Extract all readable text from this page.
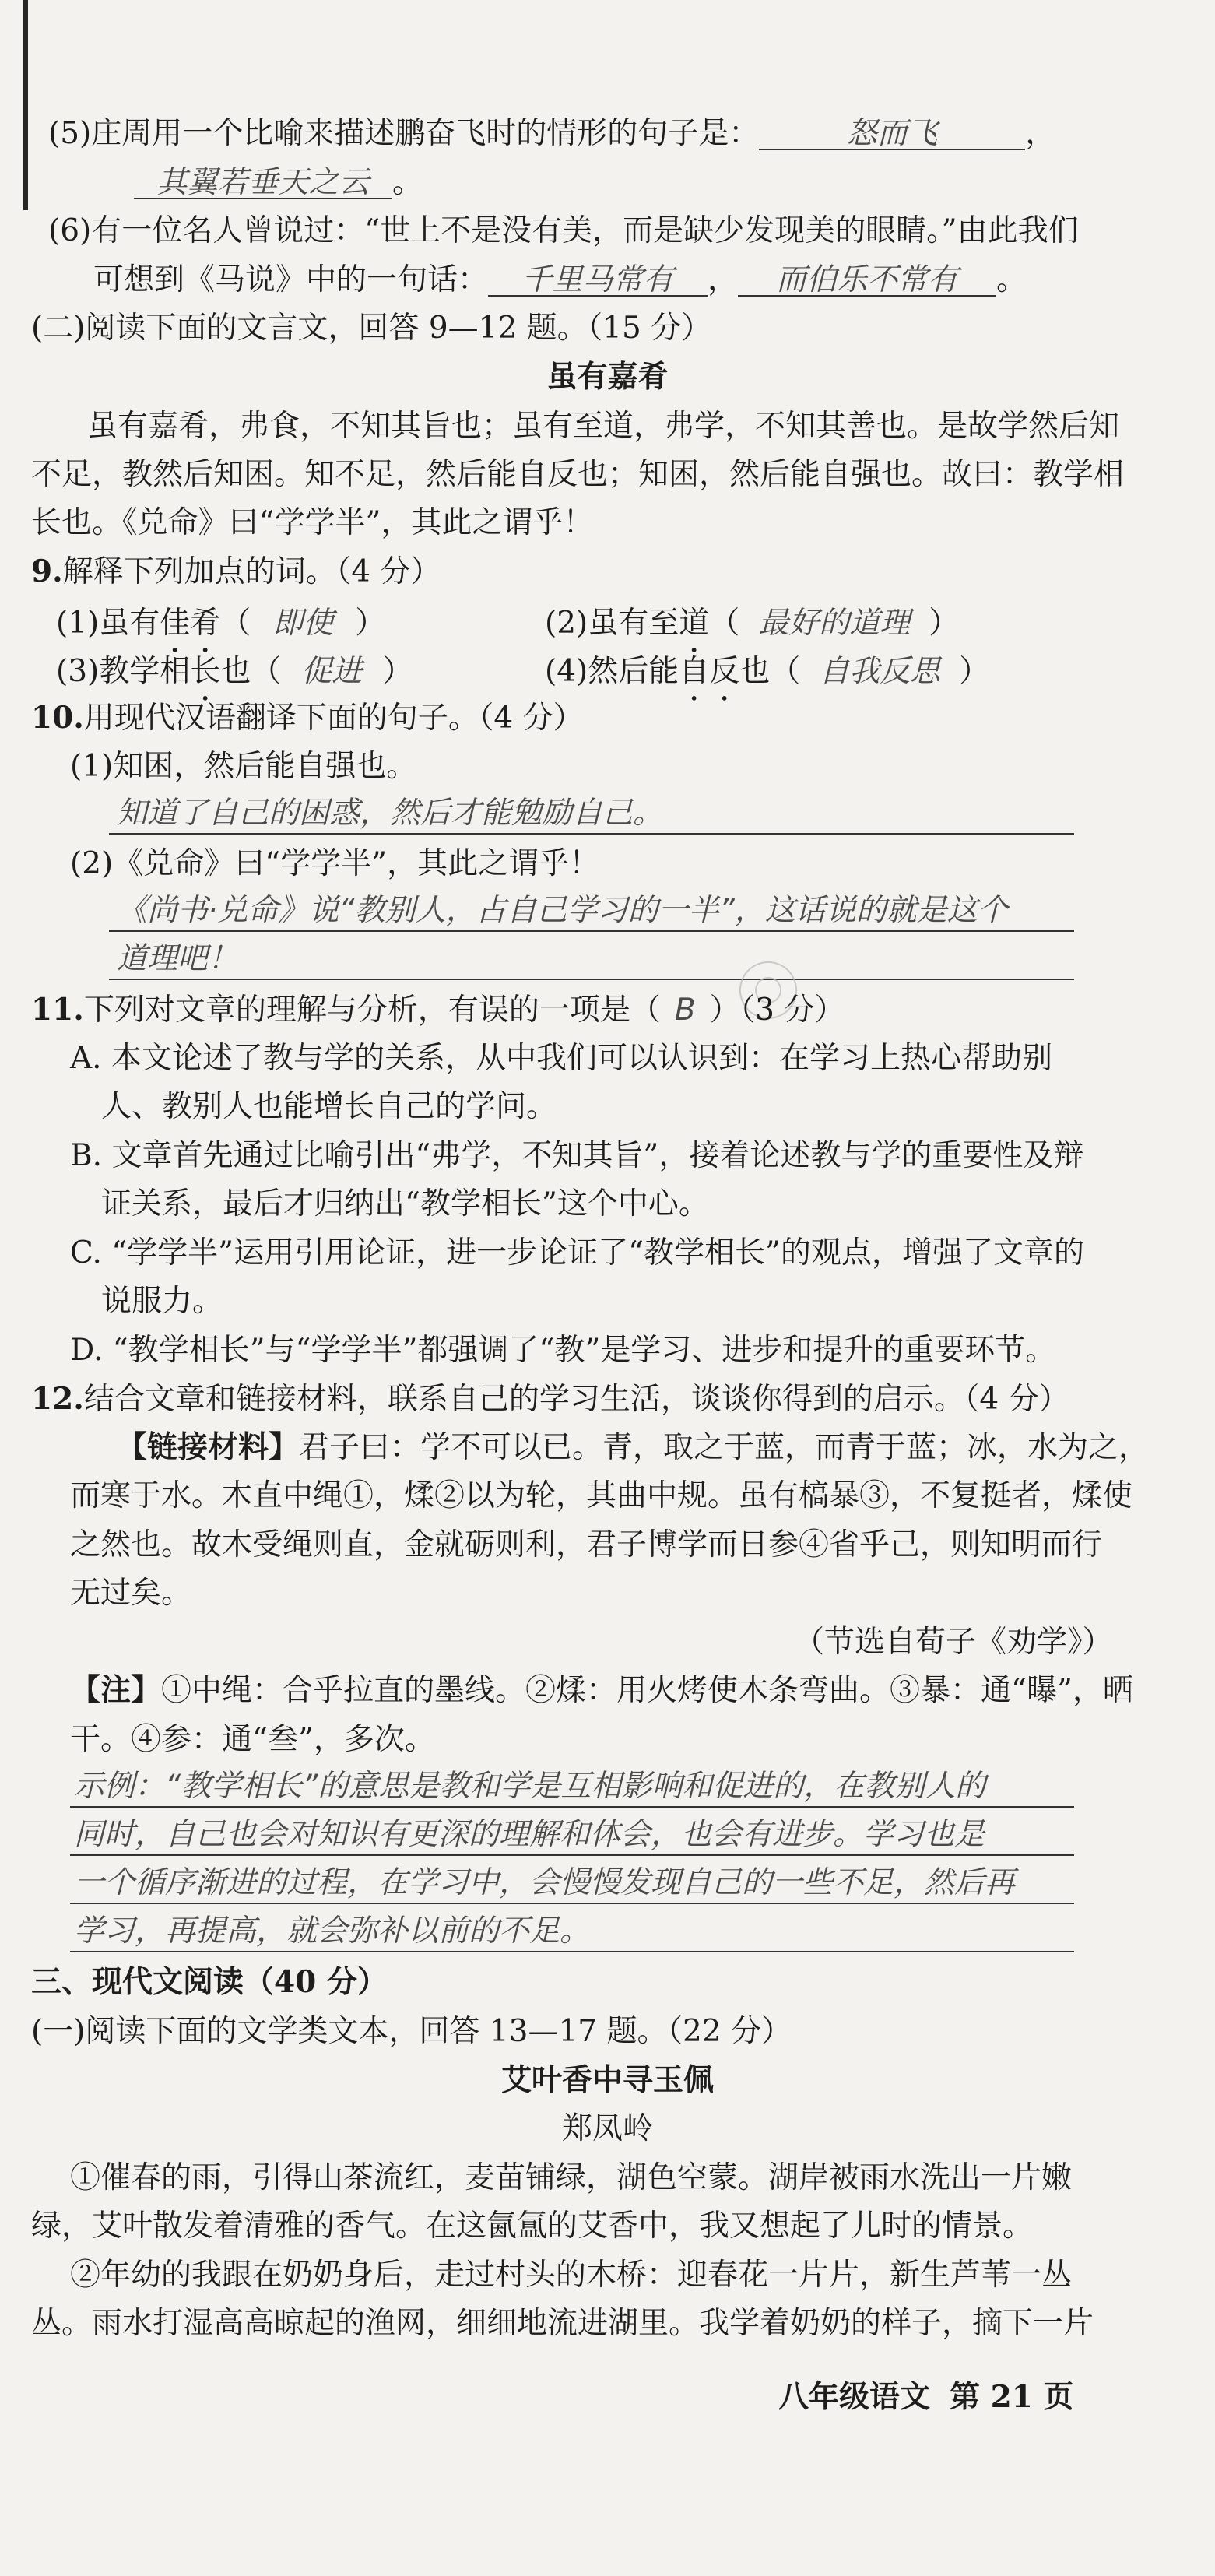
(5)庄周用一个比喻来描述鹏奋飞时的情形的句子是：	怒而飞	，
其翼若垂天之云 。
(6)有一位名人曾说过：“世上不是没有美，而是缺少发现美的眼睛。”由此我们
可想到《马说》中的一句话： 千里马常有 ， 而伯乐不常有 。
(二)阅读下面的文言文，回答 9—12 题。（15 分）
虽有嘉肴
虽有嘉肴，弗食，不知其旨也；虽有至道，弗学，不知其善也。是故学然后知
不足，教然后知困。知不足，然后能自反也；知困，然后能自强也。故曰：教学相
长也。《兑命》曰“学学半”，其此之谓乎！
9.解释下列加点的词。（4 分）
(1)虽有佳肴（ 即使 ）	(2)虽有至道（ 最好的道理 ）
(3)教学相长也（ 促进 ）	(4)然后能自反也（ 自我反思 ）
10.用现代汉语翻译下面的句子。（4 分）
(1)知困，然后能自强也。
知道了自己的困惑，然后才能勉励自己。
(2)《兑命》曰“学学半”，其此之谓乎！
《尚书·兑命》说“教别人，占自己学习的一半”，这话说的就是这个
道理吧！
11.下列对文章的理解与分析，有误的一项是（ B ）（3 分）
A. 本文论述了教与学的关系，从中我们可以认识到：在学习上热心帮助别
人、教别人也能增长自己的学问。
B. 文章首先通过比喻引出“弗学，不知其旨”，接着论述教与学的重要性及辩
证关系，最后才归纳出“教学相长”这个中心。
C. “学学半”运用引用论证，进一步论证了“教学相长”的观点，增强了文章的
说服力。
D. “教学相长”与“学学半”都强调了“教”是学习、进步和提升的重要环节。
12.结合文章和链接材料，联系自己的学习生活，谈谈你得到的启示。（4 分）
【链接材料】君子曰：学不可以已。青，取之于蓝，而青于蓝；冰，水为之，
而寒于水。木直中绳①，煣②以为轮，其曲中规。虽有槁暴③，不复挺者，煣使
之然也。故木受绳则直，金就砺则利，君子博学而日参④省乎己，则知明而行
无过矣。
（节选自荀子《劝学》）
【注】①中绳：合乎拉直的墨线。②煣：用火烤使木条弯曲。③暴：通“曝”，晒
干。④参：通“叁”，多次。
示例：“教学相长”的意思是教和学是互相影响和促进的，在教别人的
同时，自己也会对知识有更深的理解和体会，也会有进步。学习也是
一个循序渐进的过程，在学习中，会慢慢发现自己的一些不足，然后再
学习，再提高，就会弥补以前的不足。
三、现代文阅读（40 分）
(一)阅读下面的文学类文本，回答 13—17 题。（22 分）
艾叶香中寻玉佩
郑凤岭
①催春的雨，引得山茶流红，麦苗铺绿，湖色空蒙。湖岸被雨水洗出一片嫩
绿，艾叶散发着清雅的香气。在这氤氲的艾香中，我又想起了儿时的情景。
②年幼的我跟在奶奶身后，走过村头的木桥：迎春花一片片，新生芦苇一丛
丛。雨水打湿高高晾起的渔网，细细地流进湖里。我学着奶奶的样子，摘下一片
八年级语文 第 21 页
